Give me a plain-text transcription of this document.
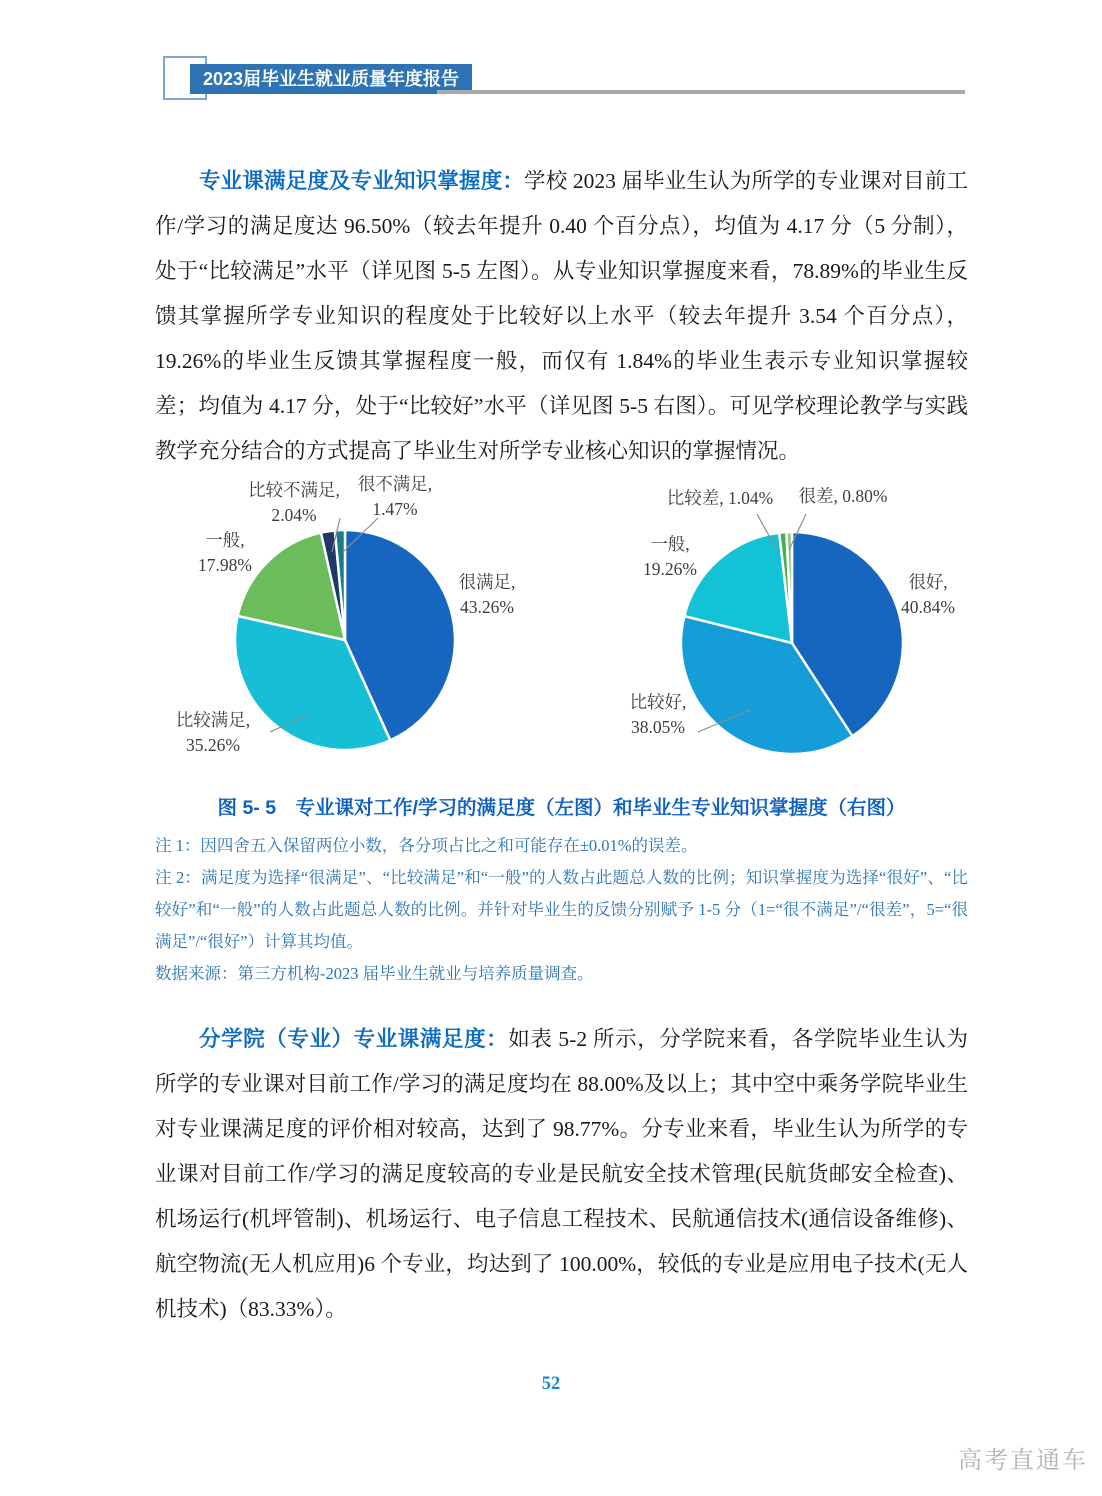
2023届毕业生就业质量年度报告

专业课满足度及专业知识掌握度：学校 2023 届毕业生认为所学的专业课对目前工作/学习的满足度达 96.50%（较去年提升 0.40 个百分点），均值为 4.17 分（5 分制），处于“比较满足”水平（详见图 5-5 左图）。从专业知识掌握度来看，78.89%的毕业生反馈其掌握所学专业知识的程度处于比较好以上水平（较去年提升 3.54 个百分点），19.26%的毕业生反馈其掌握程度一般，而仅有 1.84%的毕业生表示专业知识掌握较差；均值为 4.17 分，处于“比较好”水平（详见图 5-5 右图）。可见学校理论教学与实践教学充分结合的方式提高了毕业生对所学专业核心知识的掌握情况。

很满足,
43.26%
比较满足,
35.26%
一般,
17.98%
比较不满足,
2.04%
很不满足,
1.47%
很好,
40.84%
比较好,
38.05%
一般,
19.26%
比较差, 1.04%	很差, 0.80%
图 5- 5　专业课对工作/学习的满足度（左图）和毕业生专业知识掌握度（右图）

注 1：因四舍五入保留两位小数，各分项占比之和可能存在±0.01%的误差。

注 2：满足度为选择“很满足”、“比较满足”和“一般”的人数占此题总人数的比例；知识掌握度为选择“很好”、“比较好”和“一般”的人数占此题总人数的比例。并针对毕业生的反馈分别赋予 1-5 分（1=“很不满足”/“很差”，5=“很满足”/“很好”）计算其均值。

数据来源：第三方机构-2023 届毕业生就业与培养质量调查。

分学院（专业）专业课满足度：如表 5-2 所示，分学院来看，各学院毕业生认为所学的专业课对目前工作/学习的满足度均在 88.00%及以上；其中空中乘务学院毕业生对专业课满足度的评价相对较高，达到了 98.77%。分专业来看，毕业生认为所学的专业课对目前工作/学习的满足度较高的专业是民航安全技术管理(民航货邮安全检查)、机场运行(机坪管制)、机场运行、电子信息工程技术、民航通信技术(通信设备维修)、航空物流(无人机应用)6 个专业，均达到了 100.00%，较低的专业是应用电子技术(无人机技术)（83.33%）。

52
高考直通车
